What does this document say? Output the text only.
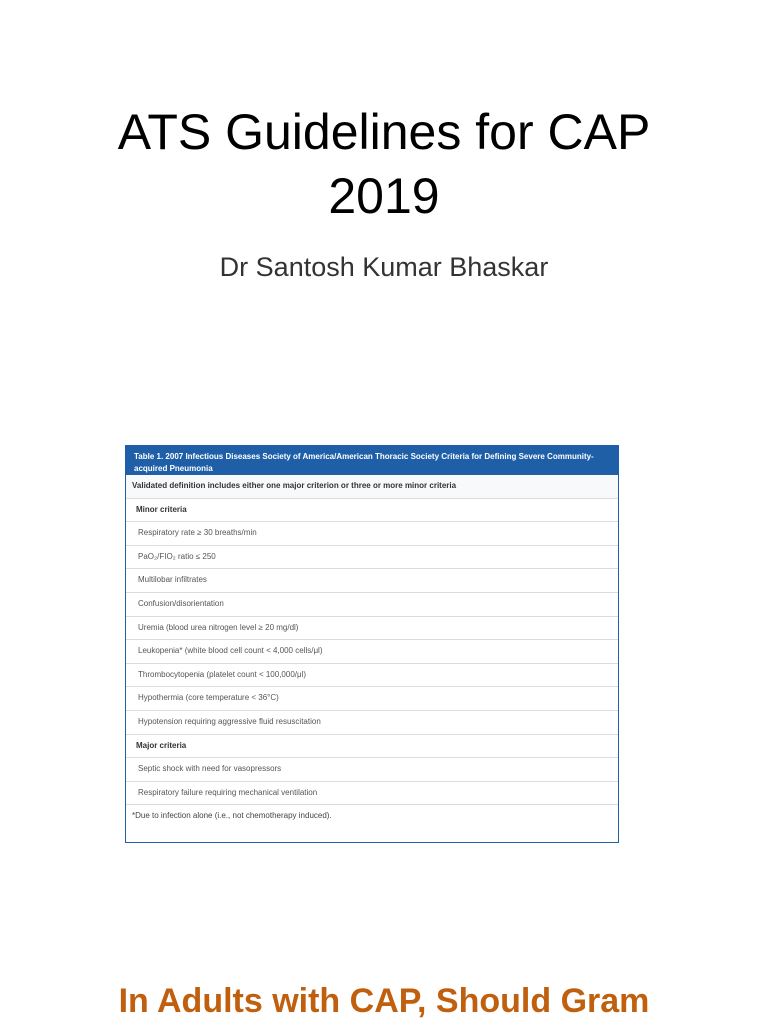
ATS Guidelines for CAP
2019
Dr Santosh Kumar Bhaskar
Table 1. 2007 Infectious Diseases Society of America/American Thoracic Society Criteria for Defining Severe Community-acquired Pneumonia
Validated definition includes either one major criterion or three or more minor criteria
Minor criteria
Respiratory rate ≥ 30 breaths/min
PaO₂/FIO₂ ratio ≤ 250
Multilobar infiltrates
Confusion/disorientation
Uremia (blood urea nitrogen level ≥ 20 mg/dl)
Leukopenia* (white blood cell count < 4,000 cells/μl)
Thrombocytopenia (platelet count < 100,000/μl)
Hypothermia (core temperature < 36°C)
Hypotension requiring aggressive fluid resuscitation
Major criteria
Septic shock with need for vasopressors
Respiratory failure requiring mechanical ventilation
*Due to infection alone (i.e., not chemotherapy induced).
In Adults with CAP, Should Gram
